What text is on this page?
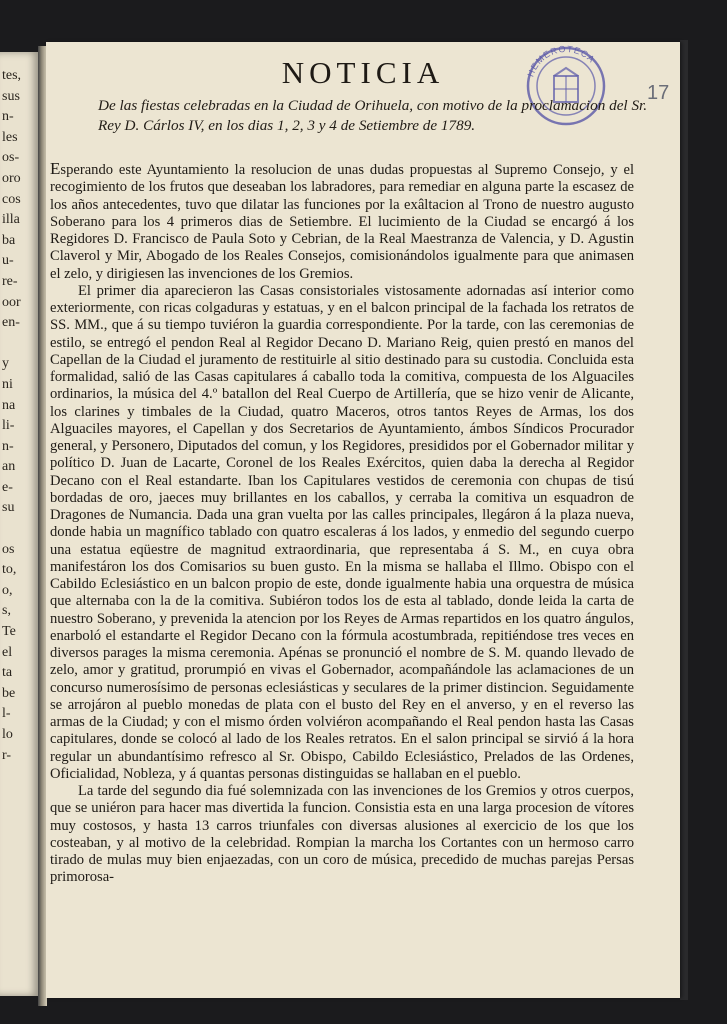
tes,
sus
n-
les
os-
oro
cos
illa
ba
u-
re-
oor
en-
y
ni
na
li-
n-
an
e-
su
os
to,
o,
s,
Te
el
ta
be
l-
lo
r-
HEMEROTECA
17
NOTICIA
De las fiestas celebradas en la Ciudad de Orihuela, con motivo de la proclamacion del Sr. Rey D. Cárlos IV, en los dias 1, 2, 3 y 4 de Setiembre de 1789.

Esperando este Ayuntamiento la resolucion de unas dudas propuestas al Supremo Consejo, y el recogimiento de los frutos que deseaban los labradores, para remediar en alguna parte la escasez de los años antecedentes, tuvo que dilatar las funciones por la exâltacion al Trono de nuestro augusto Soberano para los 4 primeros dias de Setiembre. El lucimiento de la Ciudad se encargó á los Regidores D. Francisco de Paula Soto y Cebrian, de la Real Maestranza de Valencia, y D. Agustin Claverol y Mir, Abogado de los Reales Consejos, comisionándolos igualmente para que animasen el zelo, y dirigiesen las invenciones de los Gremios.

El primer dia aparecieron las Casas consistoriales vistosamente adornadas así interior como exteriormente, con ricas colgaduras y estatuas, y en el balcon principal de la fachada los retratos de SS. MM., que á su tiempo tuviéron la guardia correspondiente. Por la tarde, con las ceremonias de estilo, se entregó el pendon Real al Regidor Decano D. Mariano Reig, quien prestó en manos del Capellan de la Ciudad el juramento de restituirle al sitio destinado para su custodia. Concluida esta formalidad, salió de las Casas capitulares á caballo toda la comitiva, compuesta de los Alguaciles ordinarios, la música del 4.º batallon del Real Cuerpo de Artillería, que se hizo venir de Alicante, los clarines y timbales de la Ciudad, quatro Maceros, otros tantos Reyes de Armas, los dos Alguaciles mayores, el Capellan y dos Secretarios de Ayuntamiento, ámbos Síndicos Procurador general, y Personero, Diputados del comun, y los Regidores, presididos por el Gobernador militar y político D. Juan de Lacarte, Coronel de los Reales Exércitos, quien daba la derecha al Regidor Decano con el Real estandarte. Iban los Capitulares vestidos de ceremonia con chupas de tisú bordadas de oro, jaeces muy brillantes en los caballos, y cerraba la comitiva un esquadron de Dragones de Numancia. Dada una gran vuelta por las calles principales, llegáron á la plaza nueva, donde habia un magnífico tablado con quatro escaleras á los lados, y enmedio del segundo cuerpo una estatua eqüestre de magnitud extraordinaria, que representaba á S. M., en cuya obra manifestáron los dos Comisarios su buen gusto. En la misma se hallaba el Illmo. Obispo con el Cabildo Eclesiástico en un balcon propio de este, donde igualmente habia una orquestra de música que alternaba con la de la comitiva. Subiéron todos los de esta al tablado, donde leida la carta de nuestro Soberano, y prevenida la atencion por los Reyes de Armas repartidos en los quatro ángulos, enarboló el estandarte el Regidor Decano con la fórmula acostumbrada, repitiéndose tres veces en diversos parages la misma ceremonia. Apénas se pronunció el nombre de S. M. quando llevado de zelo, amor y gratitud, prorumpió en vivas el Gobernador, acompañándole las aclamaciones de un concurso numerosísimo de personas eclesiásticas y seculares de la primer distincion. Seguidamente se arrojáron al pueblo monedas de plata con el busto del Rey en el anverso, y en el reverso las armas de la Ciudad; y con el mismo órden volviéron acompañando el Real pendon hasta las Casas capitulares, donde se colocó al lado de los Reales retratos. En el salon principal se sirvió á la hora regular un abundantísimo refresco al Sr. Obispo, Cabildo Eclesiástico, Prelados de las Ordenes, Oficialidad, Nobleza, y á quantas personas distinguidas se hallaban en el pueblo.

La tarde del segundo dia fué solemnizada con las invenciones de los Gremios y otros cuerpos, que se uniéron para hacer mas divertida la funcion. Consistia esta en una larga procesion de vítores muy costosos, y hasta 13 carros triunfales con diversas alusiones al exercicio de los que los costeaban, y al motivo de la celebridad. Rompian la marcha los Cortantes con un hermoso carro tirado de mulas muy bien enjaezadas, con un coro de música, precedido de muchas parejas Persas primorosa-
